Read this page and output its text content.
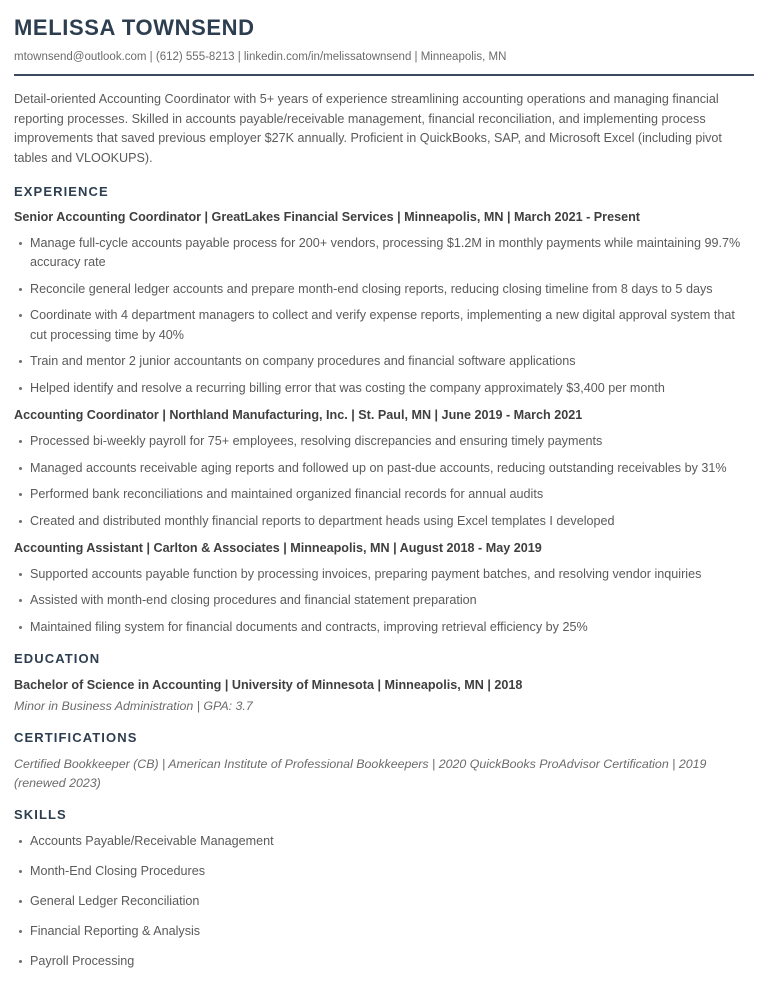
MELISSA TOWNSEND
mtownsend@outlook.com | (612) 555-8213 | linkedin.com/in/melissatownsend | Minneapolis, MN

Detail-oriented Accounting Coordinator with 5+ years of experience streamlining accounting operations and managing financial reporting processes. Skilled in accounts payable/receivable management, financial reconciliation, and implementing process improvements that saved previous employer $27K annually. Proficient in QuickBooks, SAP, and Microsoft Excel (including pivot tables and VLOOKUPS).

EXPERIENCE
Senior Accounting Coordinator | GreatLakes Financial Services | Minneapolis, MN | March 2021 - Present
Manage full-cycle accounts payable process for 200+ vendors, processing $1.2M in monthly payments while maintaining 99.7% accuracy rate
Reconcile general ledger accounts and prepare month-end closing reports, reducing closing timeline from 8 days to 5 days
Coordinate with 4 department managers to collect and verify expense reports, implementing a new digital approval system that cut processing time by 40%
Train and mentor 2 junior accountants on company procedures and financial software applications
Helped identify and resolve a recurring billing error that was costing the company approximately $3,400 per month
Accounting Coordinator | Northland Manufacturing, Inc. | St. Paul, MN | June 2019 - March 2021
Processed bi-weekly payroll for 75+ employees, resolving discrepancies and ensuring timely payments
Managed accounts receivable aging reports and followed up on past-due accounts, reducing outstanding receivables by 31%
Performed bank reconciliations and maintained organized financial records for annual audits
Created and distributed monthly financial reports to department heads using Excel templates I developed
Accounting Assistant | Carlton & Associates | Minneapolis, MN | August 2018 - May 2019
Supported accounts payable function by processing invoices, preparing payment batches, and resolving vendor inquiries
Assisted with month-end closing procedures and financial statement preparation
Maintained filing system for financial documents and contracts, improving retrieval efficiency by 25%
EDUCATION
Bachelor of Science in Accounting | University of Minnesota | Minneapolis, MN | 2018
Minor in Business Administration | GPA: 3.7
CERTIFICATIONS
Certified Bookkeeper (CB) | American Institute of Professional Bookkeepers | 2020 QuickBooks ProAdvisor Certification | 2019 (renewed 2023)
SKILLS
Accounts Payable/Receivable Management
Month-End Closing Procedures
General Ledger Reconciliation
Financial Reporting & Analysis
Payroll Processing
